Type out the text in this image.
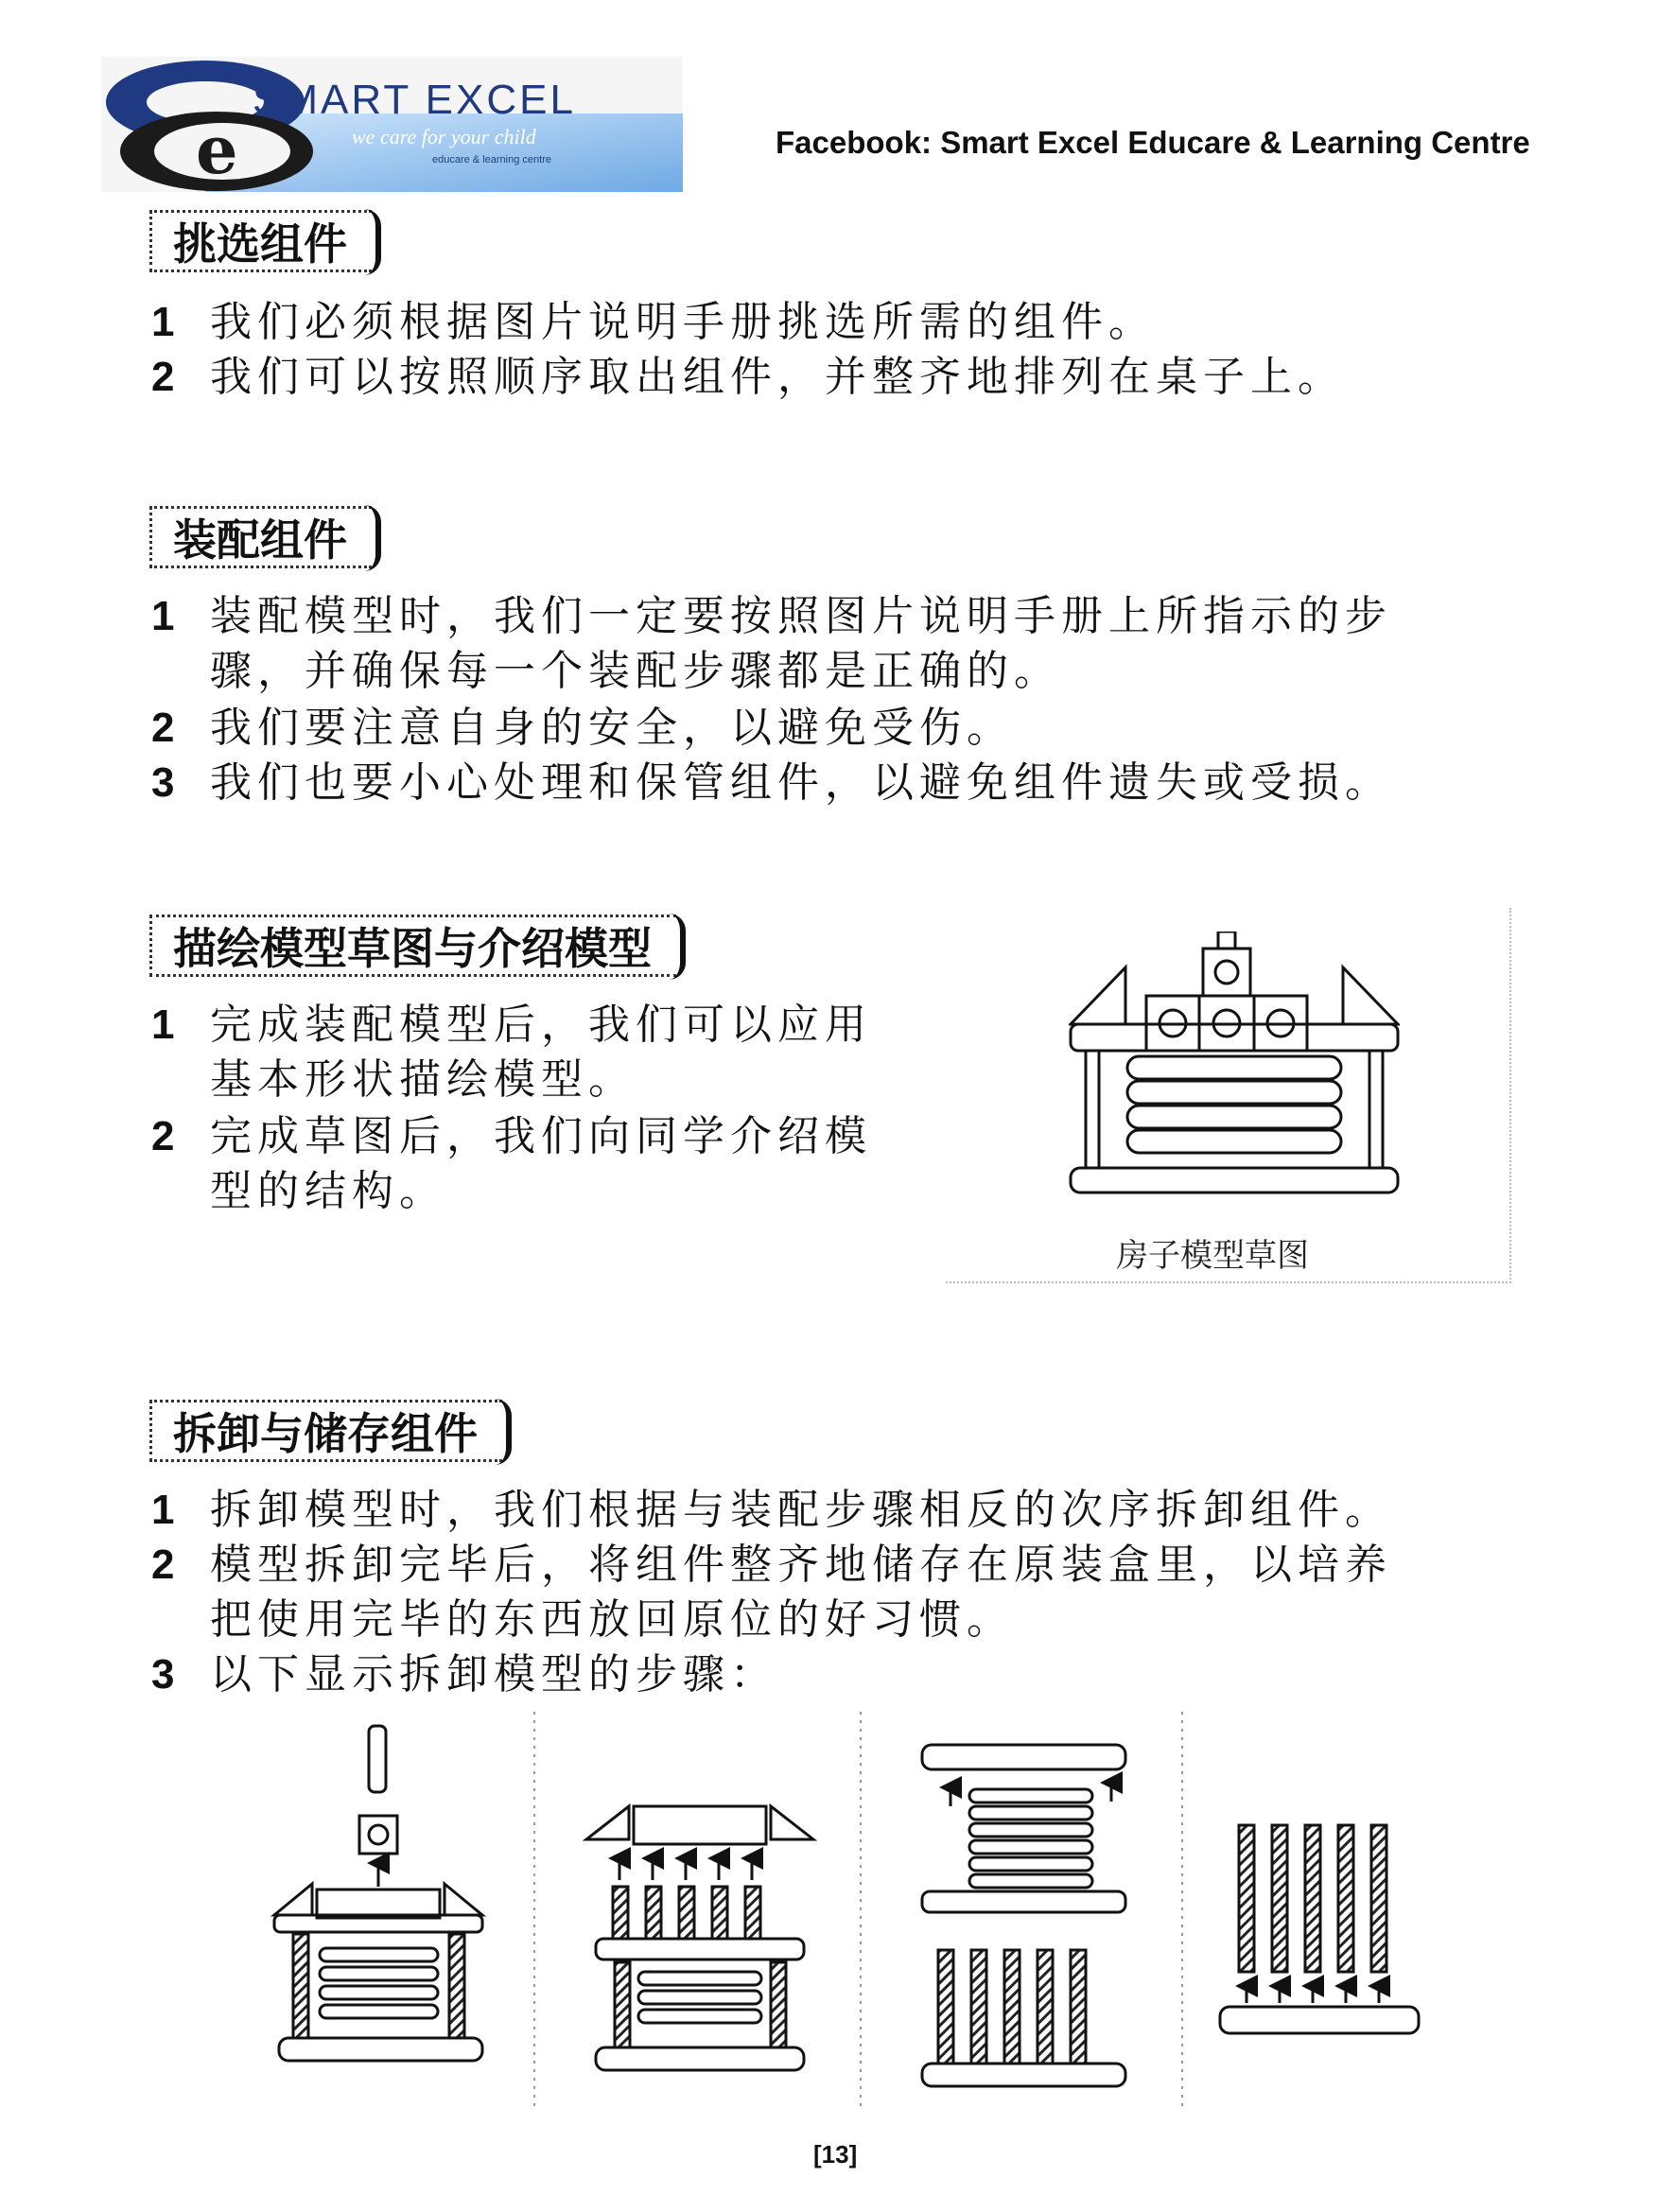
e
SMART EXCEL
we care for your child
educare & learning centre	Facebook: Smart Excel Educare & Learning Centre
挑选组件
1 我们必须根据图片说明手册挑选所需的组件。
2 我们可以按照顺序取出组件，并整齐地排列在桌子上。
装配组件
1 装配模型时，我们一定要按照图片说明手册上所指示的步
骤，并确保每一个装配步骤都是正确的。
2 我们要注意自身的安全，以避免受伤。
3 我们也要小心处理和保管组件，以避免组件遗失或受损。
描绘模型草图与介绍模型
1 完成装配模型后，我们可以应用
基本形状描绘模型。
2 完成草图后，我们向同学介绍模
型的结构。
房子模型草图
拆卸与储存组件
1 拆卸模型时，我们根据与装配步骤相反的次序拆卸组件。
2 模型拆卸完毕后，将组件整齐地储存在原装盒里，以培养
把使用完毕的东西放回原位的好习惯。
3 以下显示拆卸模型的步骤：
[13]
